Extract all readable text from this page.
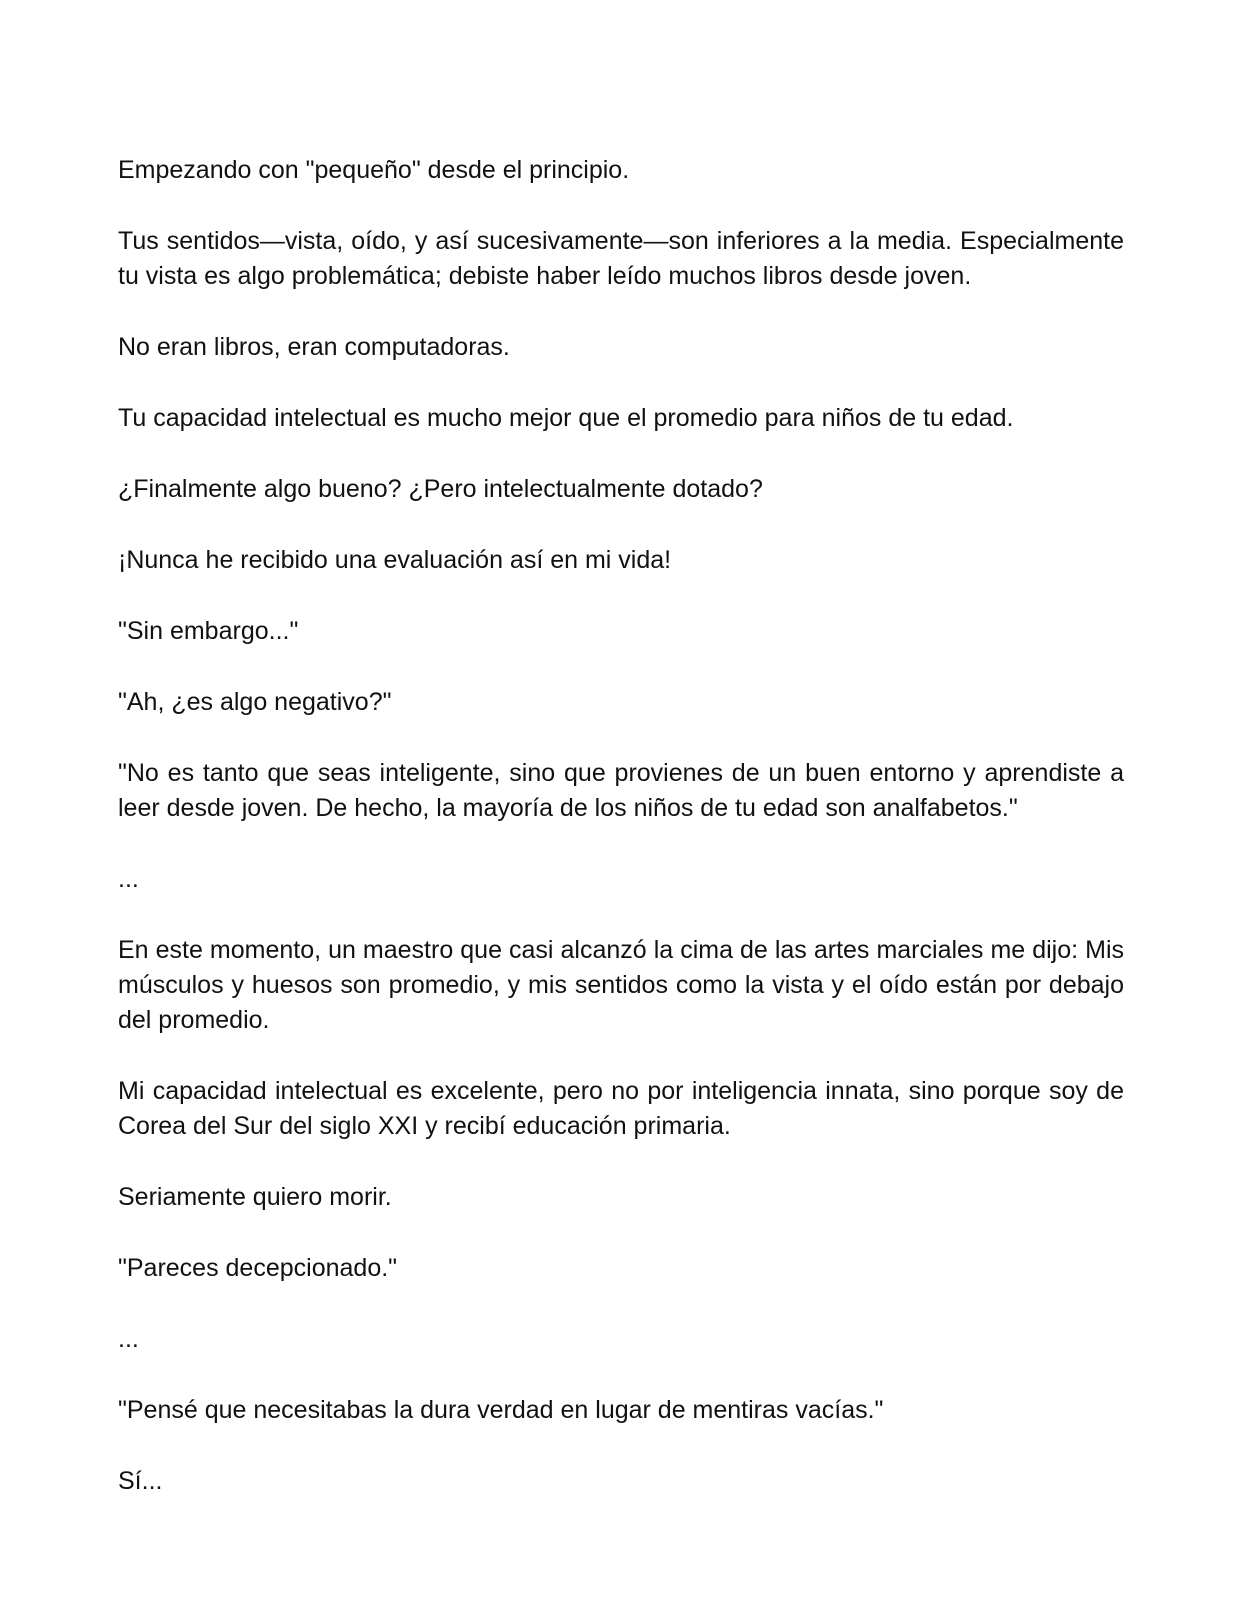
Empezando con "pequeño" desde el principio.

Tus sentidos—vista, oído, y así sucesivamente—son inferiores a la media. Especialmente tu vista es algo problemática; debiste haber leído muchos libros desde joven.

No eran libros, eran computadoras.

Tu capacidad intelectual es mucho mejor que el promedio para niños de tu edad.

¿Finalmente algo bueno? ¿Pero intelectualmente dotado?

¡Nunca he recibido una evaluación así en mi vida!

"Sin embargo..."

"Ah, ¿es algo negativo?"

"No es tanto que seas inteligente, sino que provienes de un buen entorno y aprendiste a leer desde joven. De hecho, la mayoría de los niños de tu edad son analfabetos."

...

En este momento, un maestro que casi alcanzó la cima de las artes marciales me dijo: Mis músculos y huesos son promedio, y mis sentidos como la vista y el oído están por debajo del promedio.

Mi capacidad intelectual es excelente, pero no por inteligencia innata, sino porque soy de Corea del Sur del siglo XXI y recibí educación primaria.

Seriamente quiero morir.

"Pareces decepcionado."

...

"Pensé que necesitabas la dura verdad en lugar de mentiras vacías."

Sí...
